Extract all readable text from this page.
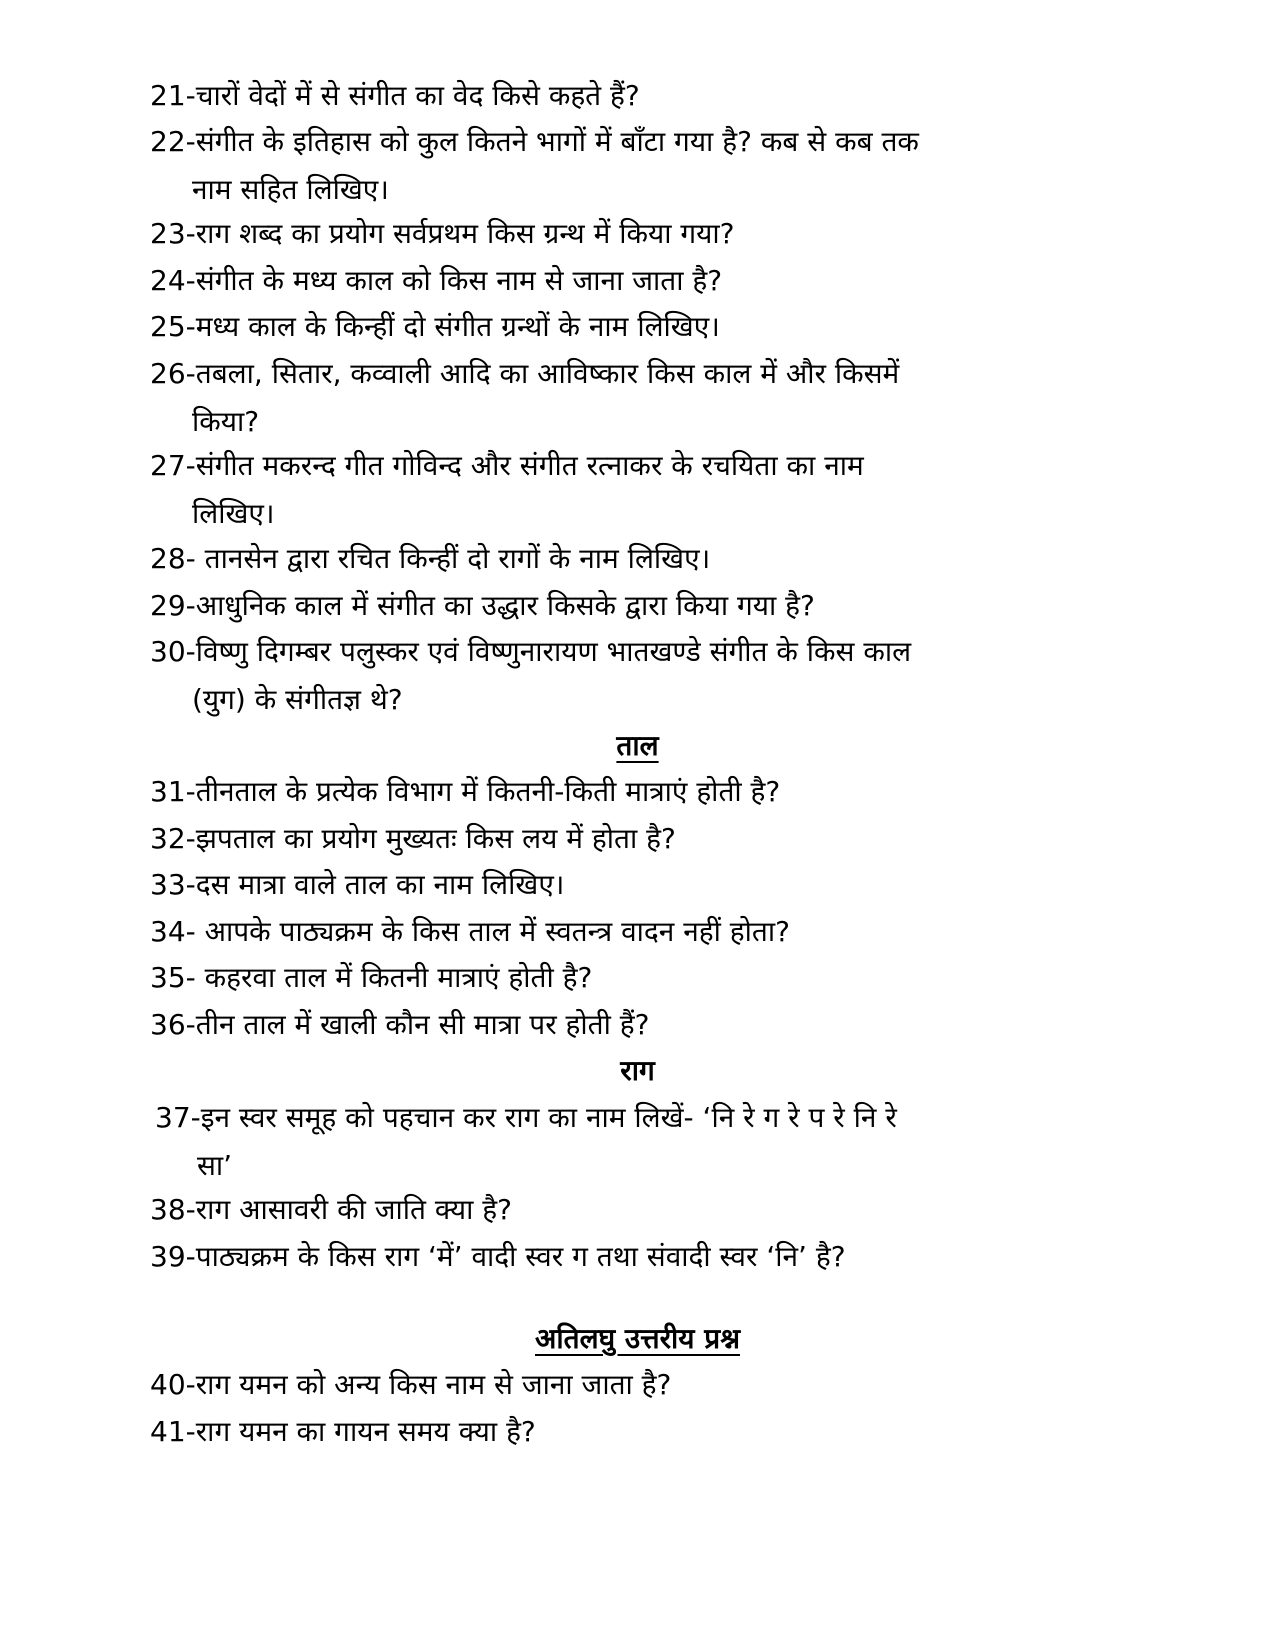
21-चारों वेदों में से संगीत का वेद किसे कहते हैं?
22-संगीत के इतिहास को कुल कितने भागों में बाँटा गया है? कब से कब तक
नाम सहित लिखिए।
23-राग शब्द का प्रयोग सर्वप्रथम किस ग्रन्थ में किया गया?
24-संगीत के मध्य काल को किस नाम से जाना जाता है?
25-मध्य काल के किन्हीं दो संगीत ग्रन्थों के नाम लिखिए।
26-तबला, सितार, कव्वाली आदि का आविष्कार किस काल में और किसमें
किया?
27-संगीत मकरन्द गीत गोविन्द और संगीत रत्नाकर के रचयिता का नाम
लिखिए।
28- तानसेन द्वारा रचित किन्हीं दो रागों के नाम लिखिए।
29-आधुनिक काल में संगीत का उद्धार किसके द्वारा किया गया है?
30-विष्णु दिगम्बर पलुस्कर एवं विष्णुनारायण भातखण्डे संगीत के किस काल
(युग) के संगीतज्ञ थे?
ताल
31-तीनताल के प्रत्येक विभाग में कितनी-किती मात्राएं होती है?
32-झपताल का प्रयोग मुख्यतः किस लय में होता है?
33-दस मात्रा वाले ताल का नाम लिखिए।
34- आपके पाठ्यक्रम के किस ताल में स्वतन्त्र वादन नहीं होता?
35- कहरवा ताल में कितनी मात्राएं होती है?
36-तीन ताल में खाली कौन सी मात्रा पर होती हैं?
राग
37-इन स्वर समूह को पहचान कर राग का नाम लिखें- ‘नि रे ग रे प रे नि रे
सा’
38-राग आसावरी की जाति क्या है?
39-पाठ्यक्रम के किस राग ‘में’ वादी स्वर ग तथा संवादी स्वर ‘नि’ है?
अतिलघु उत्तरीय प्रश्न
40-राग यमन को अन्य किस नाम से जाना जाता है?
41-राग यमन का गायन समय क्या है?
